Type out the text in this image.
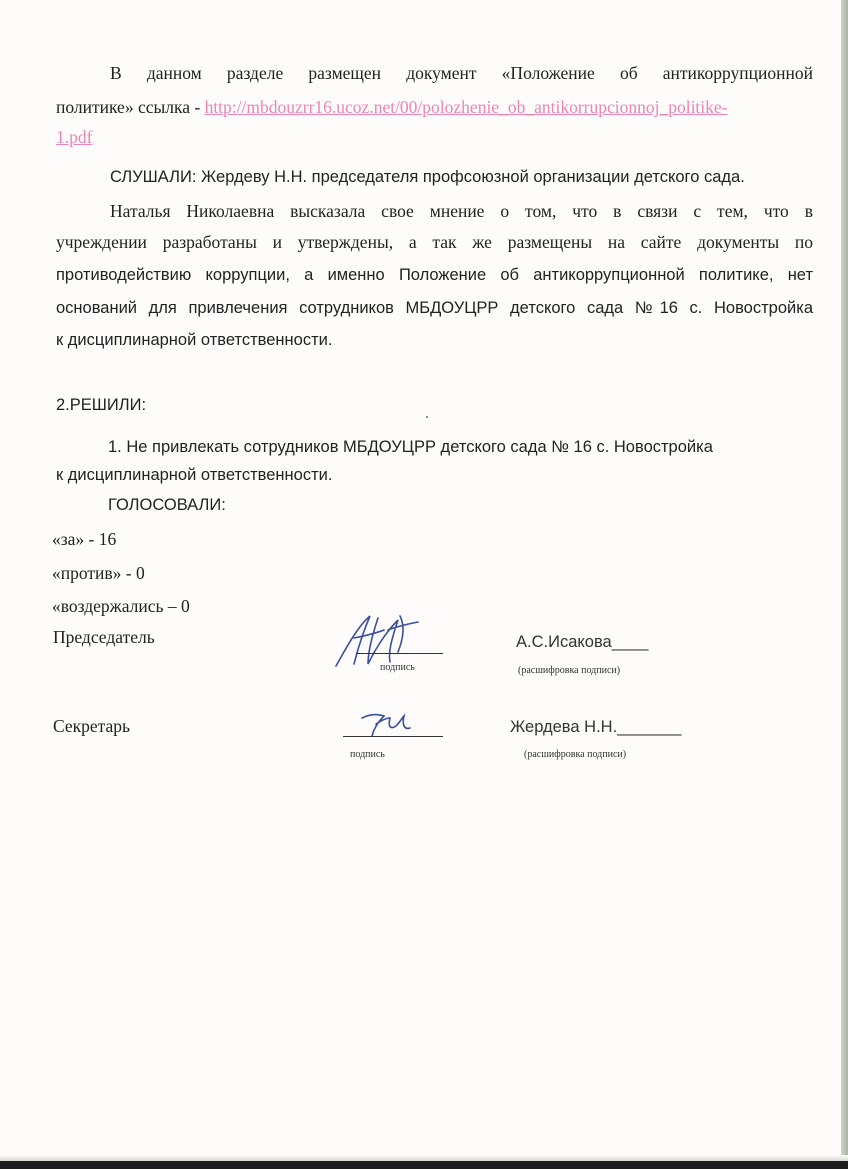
В данном разделе размещен документ «Положение об антикоррупционной
политике» ссылка - http://mbdouzrr16.ucoz.net/00/polozhenie_ob_antikorrupcionnoj_politike-
1.pdf
СЛУШАЛИ: Жердеву Н.Н. председателя профсоюзной организации детского сада.
Наталья Николаевна высказала свое мнение о том, что в связи с тем, что в
учреждении разработаны и утверждены, а так же размещены на сайте документы по
противодействию коррупции, а именно Положение об антикоррупционной политике, нет
оснований для привлечения сотрудников МБДОУЦРР детского сада №16 с. Новостройка
к дисциплинарной ответственности.
2.РЕШИЛИ:
1. Не привлекать сотрудников МБДОУЦРР детского сада № 16 с. Новостройка
к дисциплинарной ответственности.
ГОЛОСОВАЛИ:
«за» - 16
«против» - 0
«воздержались – 0
Председатель
подпись
А.С.Исакова____
(расшифровка подписи)
Секретарь
подпись
Жердева Н.Н._______
(расшифровка подписи)
